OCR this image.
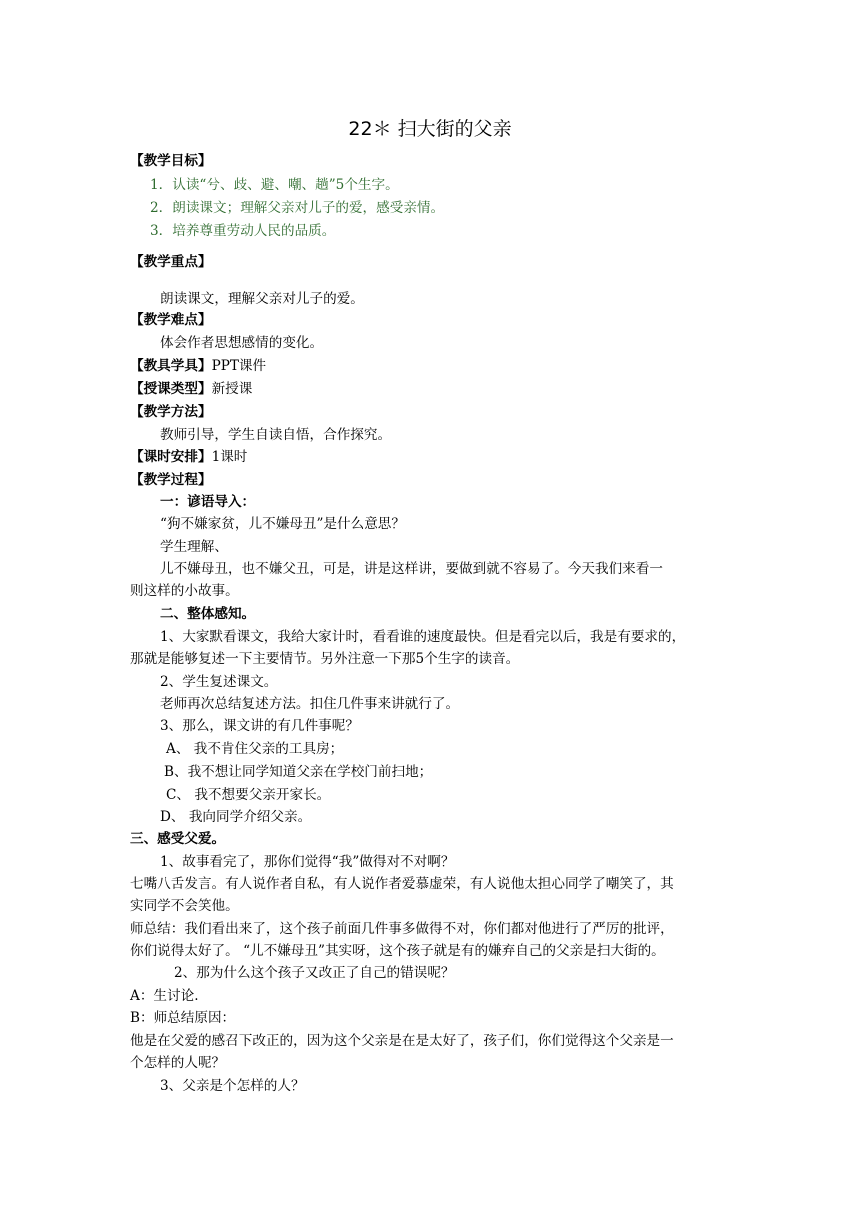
22＊ 扫大街的父亲
【教学目标】
1．认读“兮、歧、避、嘲、趟”5个生字。
2．朗读课文；理解父亲对儿子的爱，感受亲情。
3．培养尊重劳动人民的品质。
【教学重点】
朗读课文，理解父亲对儿子的爱。
【教学难点】
体会作者思想感情的变化。
【教具学具】PPT课件
【授课类型】新授课
【教学方法】
教师引导，学生自读自悟，合作探究。
【课时安排】1课时
【教学过程】
一：谚语导入：
“狗不嫌家贫，儿不嫌母丑”是什么意思？
学生理解、
儿不嫌母丑，也不嫌父丑，可是，讲是这样讲，要做到就不容易了。今天我们来看一
则这样的小故事。
二、整体感知。
1、大家默看课文，我给大家计时，看看谁的速度最快。但是看完以后，我是有要求的，
那就是能够复述一下主要情节。另外注意一下那5个生字的读音。
2、学生复述课文。
老师再次总结复述方法。扣住几件事来讲就行了。
3、那么，课文讲的有几件事呢？
A、 我不肯住父亲的工具房；
B、我不想让同学知道父亲在学校门前扫地；
C、 我不想要父亲开家长。
D、 我向同学介绍父亲。
三、感受父爱。
1、故事看完了，那你们觉得“我”做得对不对啊？
七嘴八舌发言。有人说作者自私，有人说作者爱慕虚荣，有人说他太担心同学了嘲笑了，其
实同学不会笑他。
师总结：我们看出来了，这个孩子前面几件事多做得不对，你们都对他进行了严厉的批评，
你们说得太好了。 “儿不嫌母丑”其实呀，这个孩子就是有的嫌弃自己的父亲是扫大街的。
2、那为什么这个孩子又改正了自己的错误呢？
A：生讨论.
B：师总结原因：
他是在父爱的感召下改正的，因为这个父亲是在是太好了，孩子们，你们觉得这个父亲是一
个怎样的人呢？
3、父亲是个怎样的人？
